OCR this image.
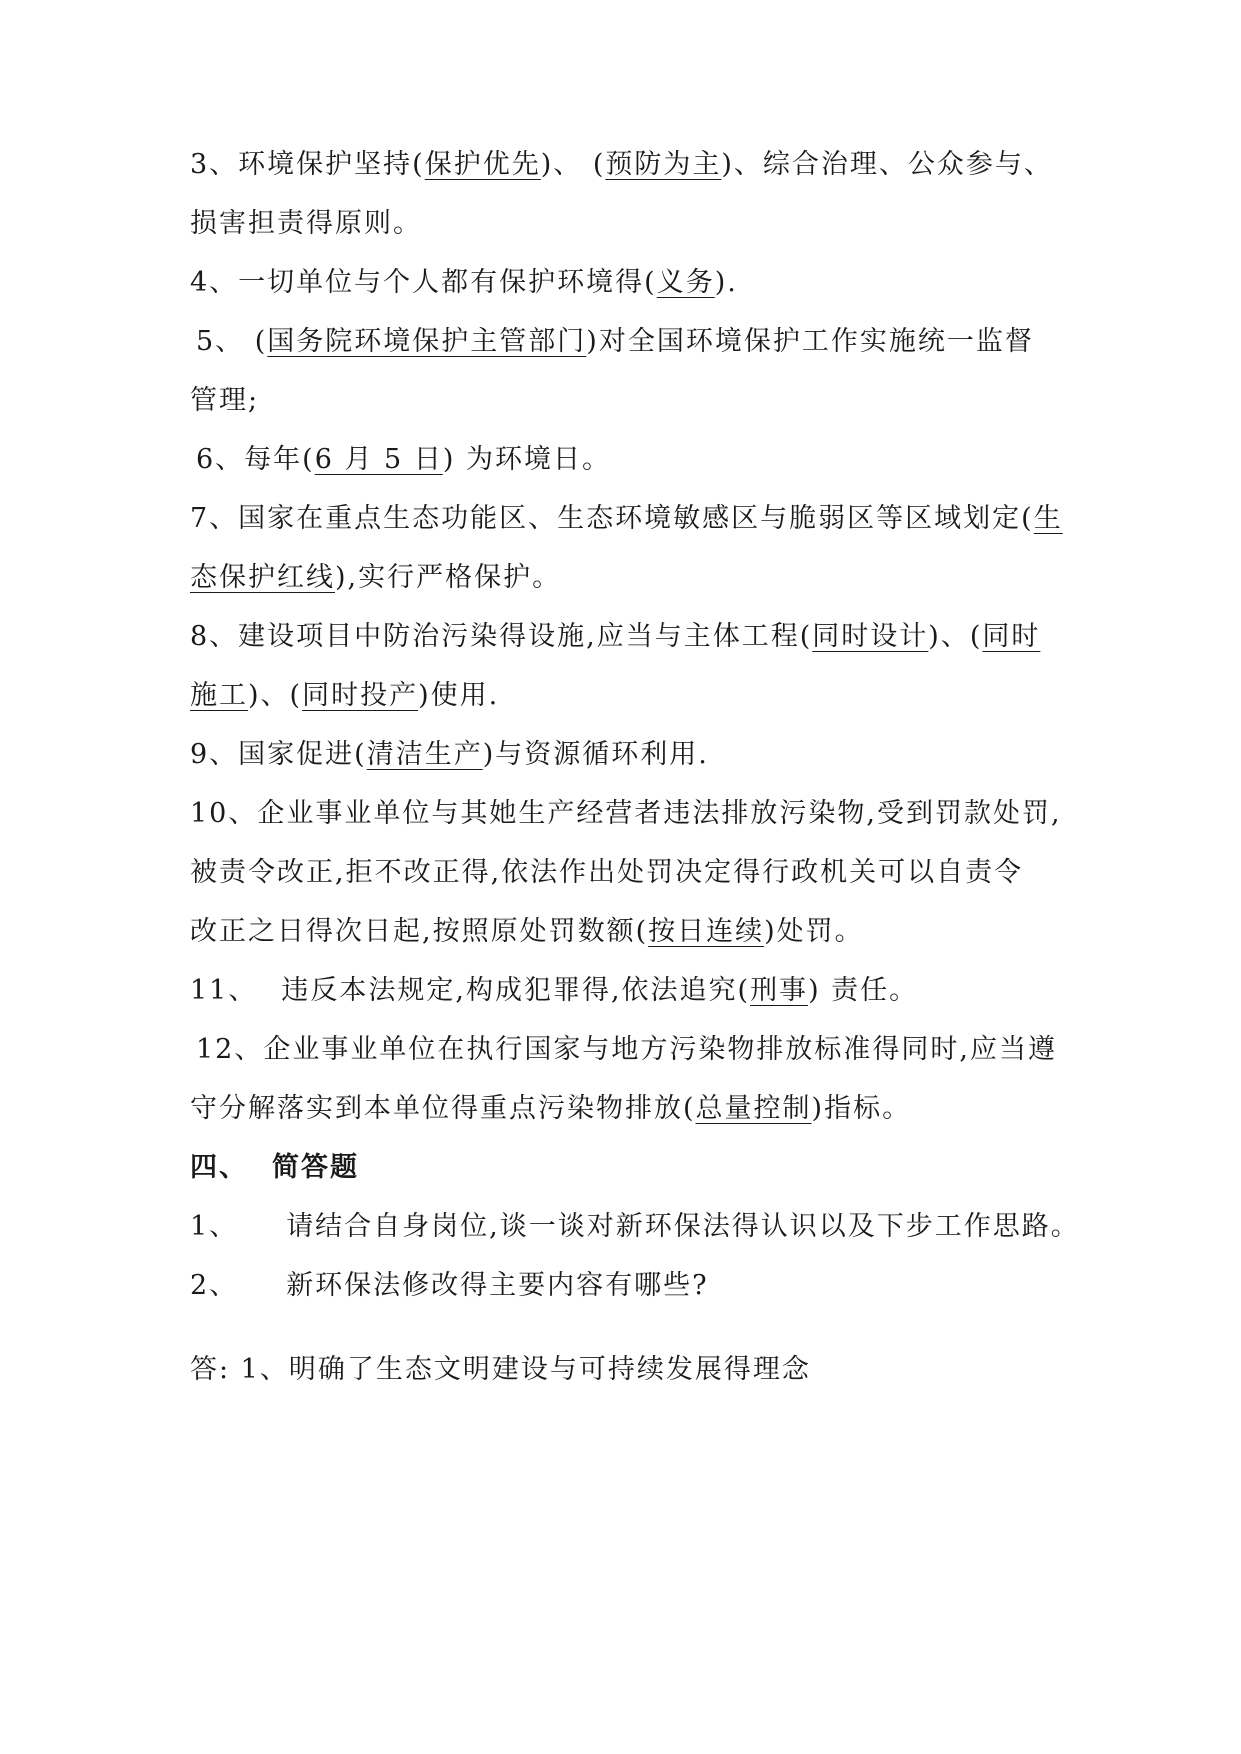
3、环境保护坚持(保护优先)、 (预防为主)、综合治理、公众参与、
损害担责得原则。
4、一切单位与个人都有保护环境得(义务).
5、 (国务院环境保护主管部门)对全国环境保护工作实施统一监督
管理;
6、每年(6 月 5 日) 为环境日。
7、国家在重点生态功能区、生态环境敏感区与脆弱区等区域划定(生
态保护红线),实行严格保护。
8、建设项目中防治污染得设施,应当与主体工程(同时设计)、(同时
施工)、(同时投产)使用.
9、国家促进(清洁生产)与资源循环利用.
10、企业事业单位与其她生产经营者违法排放污染物,受到罚款处罚,
被责令改正,拒不改正得,依法作出处罚决定得行政机关可以自责令
改正之日得次日起,按照原处罚数额(按日连续)处罚。
11、 违反本法规定,构成犯罪得,依法追究(刑事) 责任。
12、企业事业单位在执行国家与地方污染物排放标准得同时,应当遵
守分解落实到本单位得重点污染物排放(总量控制)指标。
四、 简答题
1、 请结合自身岗位,谈一谈对新环保法得认识以及下步工作思路。
2、 新环保法修改得主要内容有哪些?
答: 1、明确了生态文明建设与可持续发展得理念
